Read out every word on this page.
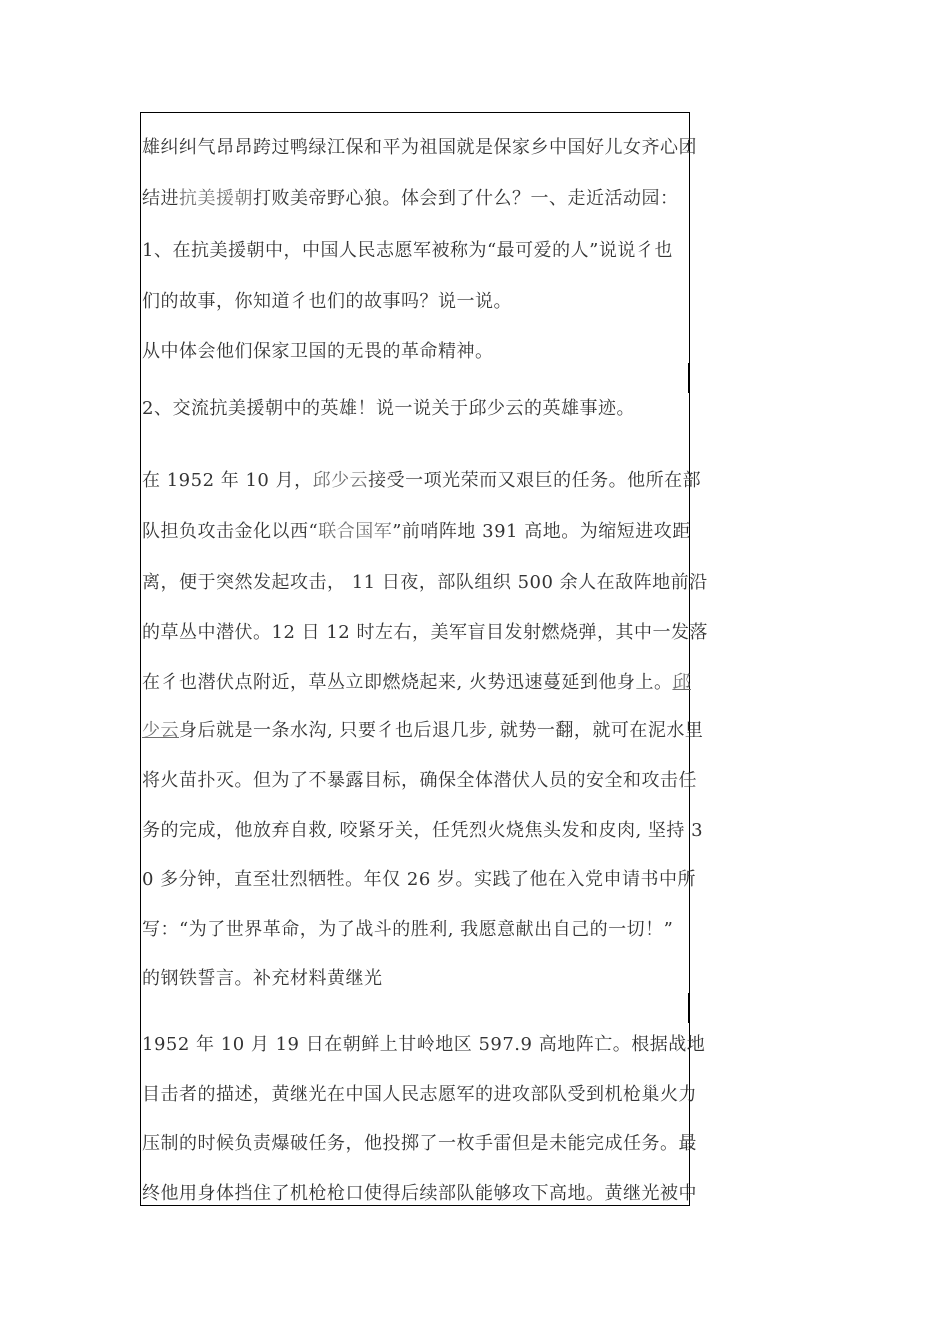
雄纠纠气昂昂跨过鸭绿江保和平为祖国就是保家乡中国好儿女齐心团
结进抗美援朝打败美帝野心狼。体会到了什么？一、走近活动园：
1、在抗美援朝中，中国人民志愿军被称为“最可爱的人”说说彳也
们的故事，你知道彳也们的故事吗？说一说。
从中体会他们保家卫国的无畏的革命精神。
2、交流抗美援朝中的英雄！说一说关于邱少云的英雄事迹。
在 1952 年 10 月，邱少云接受一项光荣而又艰巨的任务。他所在部
队担负攻击金化以西“联合国军”前哨阵地 391 高地。为缩短进攻距
离，便于突然发起攻击， 11 日夜，部队组织 500 余人在敌阵地前沿
的草丛中潜伏。12 日 12 时左右，美军盲目发射燃烧弹，其中一发落
在彳也潜伏点附近，草丛立即燃烧起来, 火势迅速蔓延到他身上。邱
少云身后就是一条水沟, 只要彳也后退几步, 就势一翻，就可在泥水里
将火苗扑灭。但为了不暴露目标，确保全体潜伏人员的安全和攻击任
务的完成，他放弃自救, 咬紧牙关，任凭烈火烧焦头发和皮肉, 坚持 3
0 多分钟，直至壮烈牺牲。年仅 26 岁。实践了他在入党申请书中所
写：“为了世界革命，为了战斗的胜利, 我愿意献出自己的一切！”
的钢铁誓言。补充材料黄继光
1952 年 10 月 19 日在朝鲜上甘岭地区 597.9 高地阵亡。根据战地
目击者的描述，黄继光在中国人民志愿军的进攻部队受到机枪巢火力
压制的时候负责爆破任务，他投掷了一枚手雷但是未能完成任务。最
终他用身体挡住了机枪枪口使得后续部队能够攻下高地。黄继光被中
